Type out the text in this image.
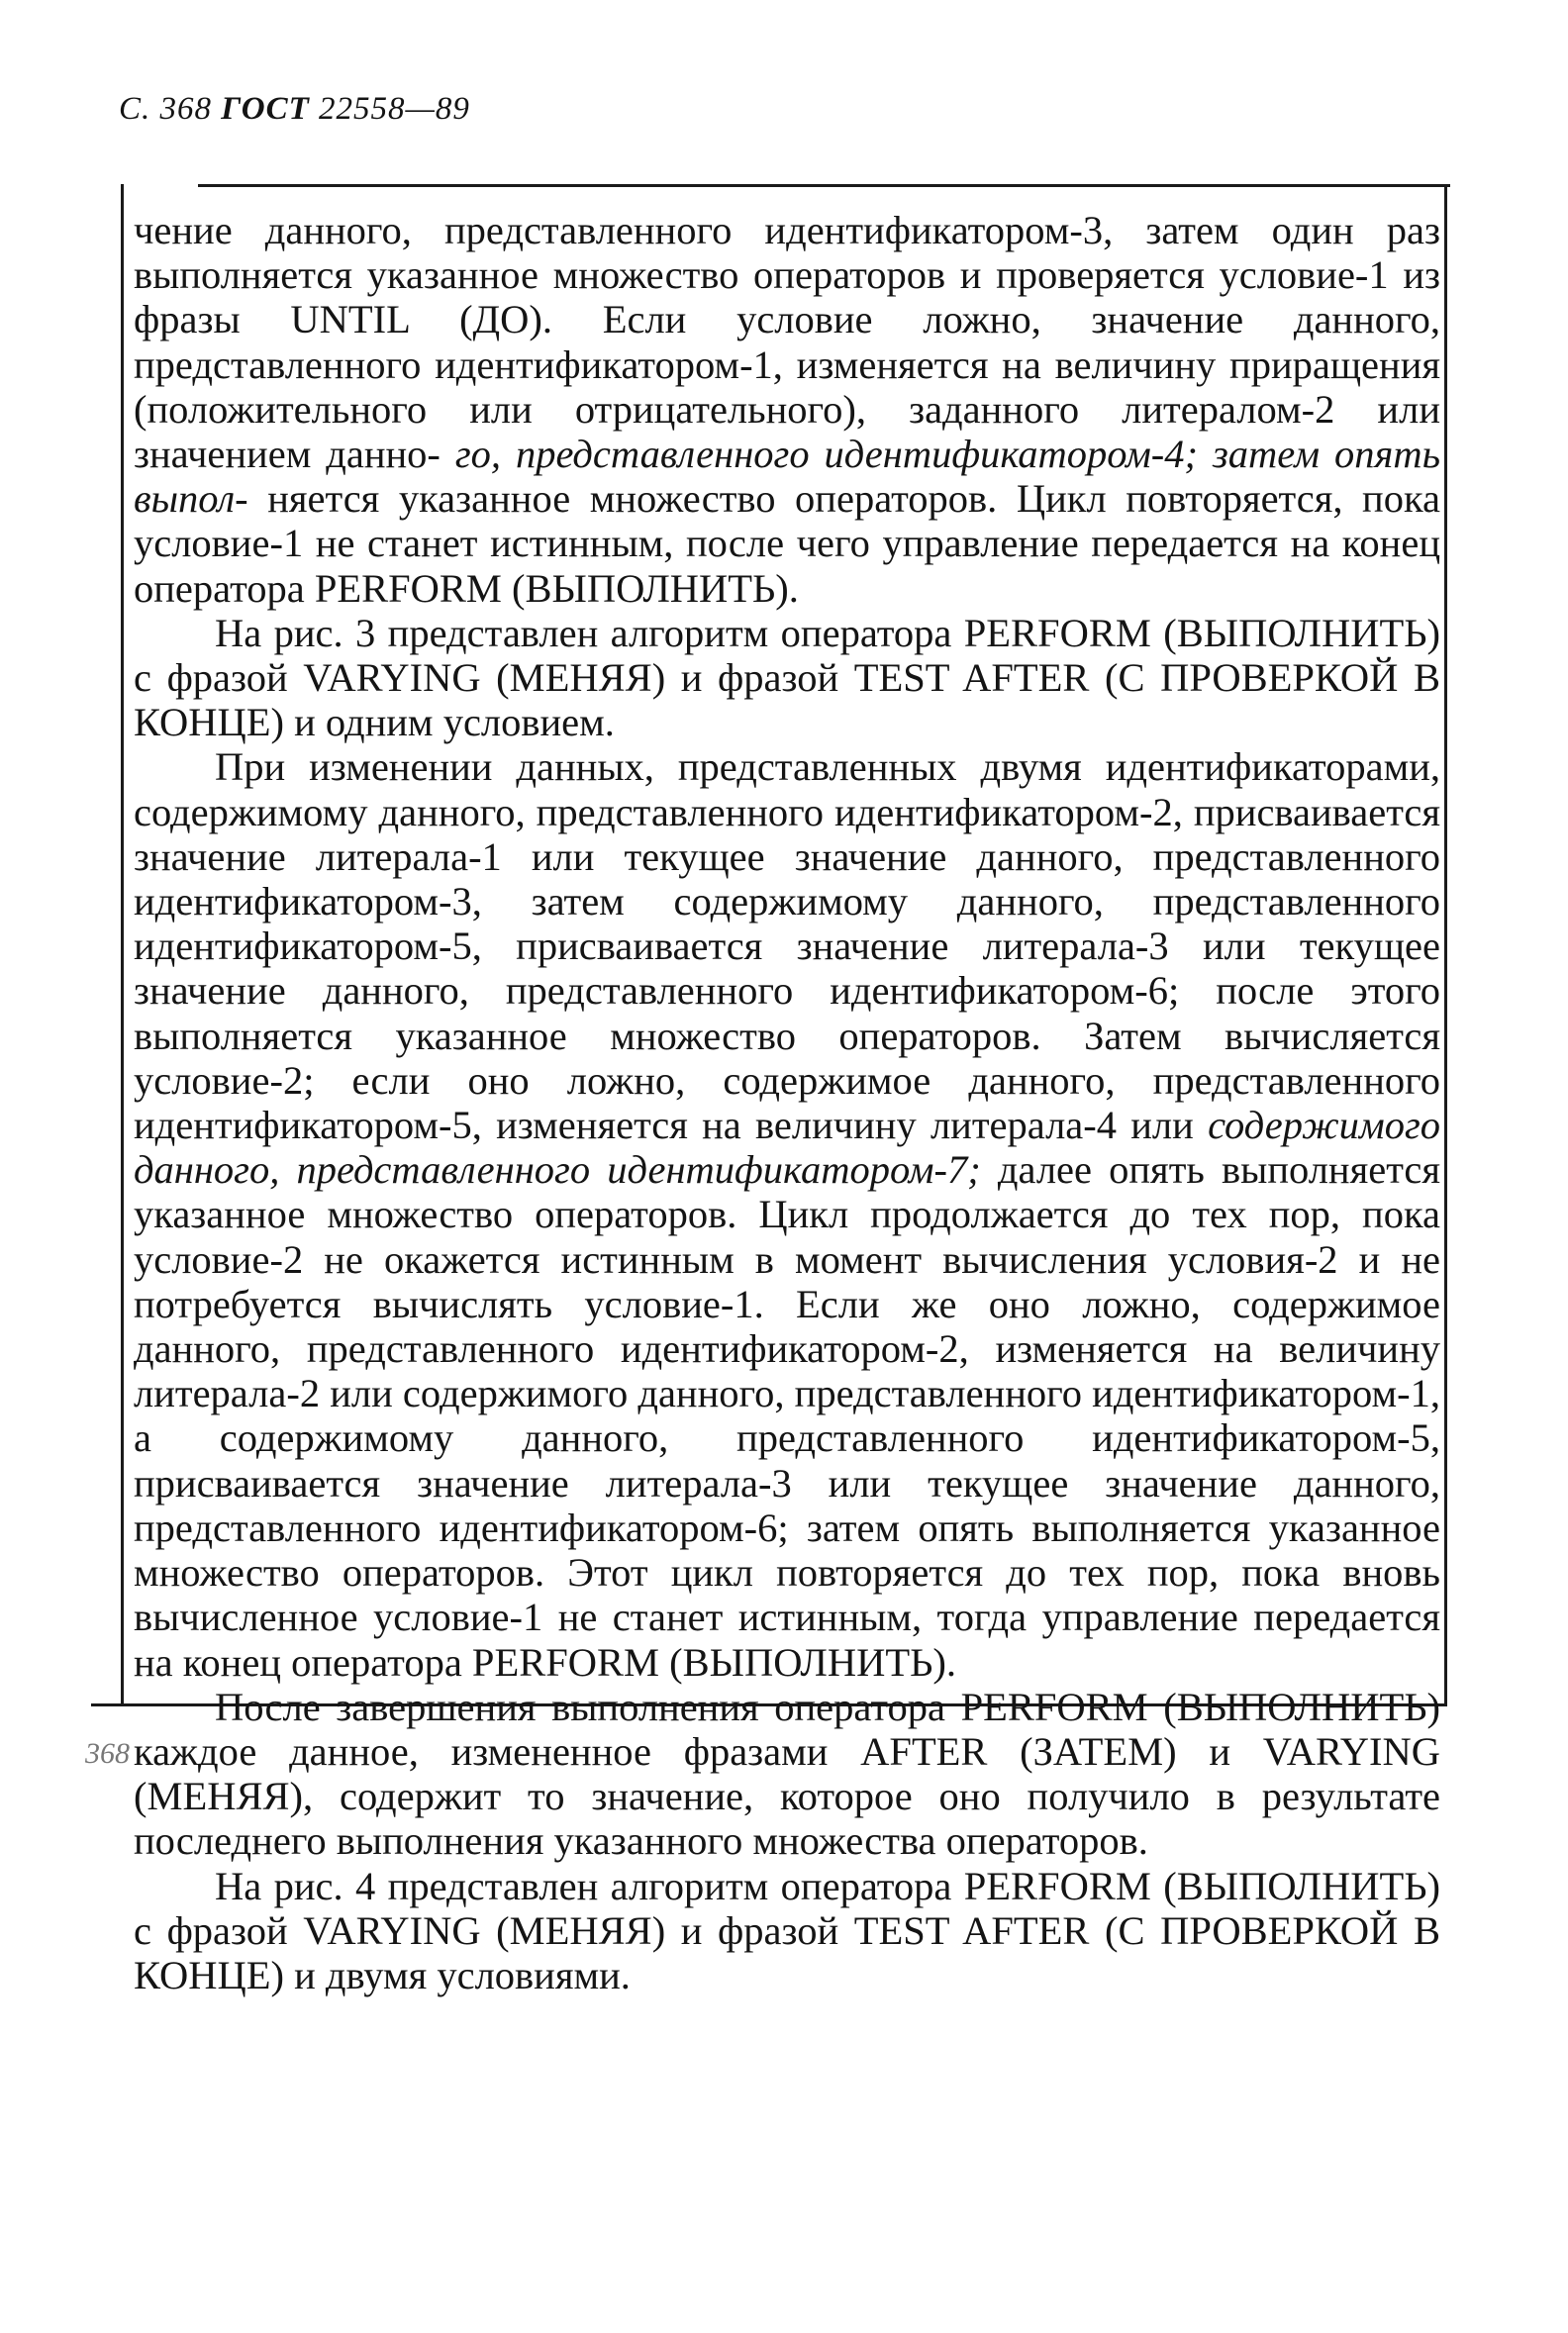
С. 368 ГОСТ 22558—89

чение данного, представленного идентификатором-3, затем один раз выполняется указанное множество операторов и проверяется условие-1 из фразы UNTIL (ДО). Если условие ложно, значение данного, представленного идентификатором-1, изменяется на величину приращения (положительного или отрицательного), заданного литералом-2 или значением данно- го, представленного идентификатором-4; затем опять выпол- няется указанное множество операторов. Цикл повторяется, пока условие-1 не станет истинным, после чего управление передается на конец оператора PERFORM (ВЫПОЛНИТЬ).

На рис. 3 представлен алгоритм оператора PERFORM (ВЫПОЛНИТЬ) с фразой VARYING (МЕНЯЯ) и фразой TEST AFTER (С ПРОВЕРКОЙ В КОНЦЕ) и одним условием.

При изменении данных, представленных двумя идентификаторами, содержимому данного, представленного идентификатором-2, присваивается значение литерала-1 или текущее значение данного, представленного идентификатором-3, затем содержимому данного, представленного идентификатором-5, присваивается значение литерала-3 или текущее значение данного, представленного идентификатором-6; после этого выполняется указанное множество операторов. Затем вычисляется условие-2; если оно ложно, содержимое данного, представленного идентификатором-5, изменяется на величину литерала-4 или содержимого данного, представленного идентификатором-7; далее опять выполняется указанное множество операторов. Цикл продолжается до тех пор, пока условие-2 не окажется истинным в момент вычисления условия-2 и не потребуется вычислять условие-1. Если же оно ложно, содержимое данного, представленного идентификатором-2, изменяется на величину литерала-2 или содержимого данного, представленного идентификатором-1, а содержимому данного, представленного идентификатором-5, присваивается значение литерала-3 или текущее значение данного, представленного идентификатором-6; затем опять выполняется указанное множество операторов. Этот цикл повторяется до тех пор, пока вновь вычисленное условие-1 не станет истинным, тогда управление передается на конец оператора PERFORM (ВЫПОЛНИТЬ).

После завершения выполнения оператора PERFORM (ВЫПОЛНИТЬ) каждое данное, измененное фразами AFTER (ЗАТЕМ) и VARYING (МЕНЯЯ), содержит то значение, которое оно получило в результате последнего выполнения указанного множества операторов.

На рис. 4 представлен алгоритм оператора PERFORM (ВЫПОЛНИТЬ) с фразой VARYING (МЕНЯЯ) и фразой TEST AFTER (С ПРОВЕРКОЙ В КОНЦЕ) и двумя условиями.

368
